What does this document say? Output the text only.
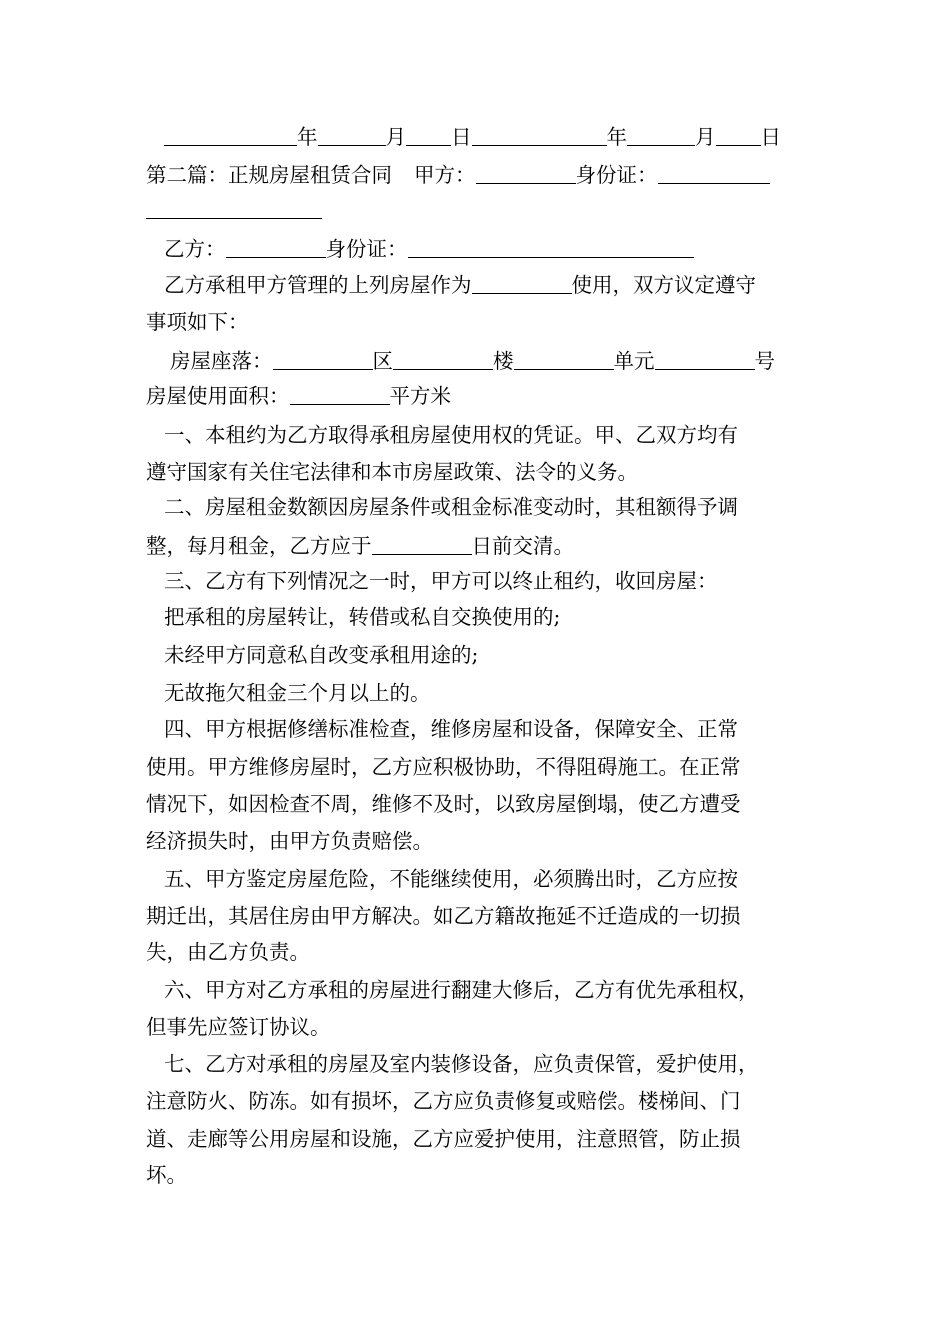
年	月 日	年	月 日
第二篇：正规房屋租赁合同 甲方：	身份证：
乙方：	身份证：
乙方承租甲方管理的上列房屋作为	使用，双方议定遵守
事项如下：
房屋座落：	区	楼	单元	号
房屋使用面积：	平方米
一、本租约为乙方取得承租房屋使用权的凭证。甲、乙双方均有
遵守国家有关住宅法律和本市房屋政策、法令的义务。
二、房屋租金数额因房屋条件或租金标准变动时，其租额得予调
整，每月租金，乙方应于	日前交清。
三、乙方有下列情况之一时，甲方可以终止租约，收回房屋：
把承租的房屋转让，转借或私自交换使用的;
未经甲方同意私自改变承租用途的;
无故拖欠租金三个月以上的。
四、甲方根据修缮标准检查，维修房屋和设备，保障安全、正常
使用。甲方维修房屋时，乙方应积极协助，不得阻碍施工。在正常
情况下，如因检查不周，维修不及时，以致房屋倒塌，使乙方遭受
经济损失时，由甲方负责赔偿。
五、甲方鉴定房屋危险，不能继续使用，必须腾出时，乙方应按
期迁出，其居住房由甲方解决。如乙方籍故拖延不迁造成的一切损
失，由乙方负责。
六、甲方对乙方承租的房屋进行翻建大修后，乙方有优先承租权，
但事先应签订协议。
七、乙方对承租的房屋及室内装修设备，应负责保管，爱护使用，
注意防火、防冻。如有损坏，乙方应负责修复或赔偿。楼梯间、门
道、走廊等公用房屋和设施，乙方应爱护使用，注意照管，防止损
坏。
